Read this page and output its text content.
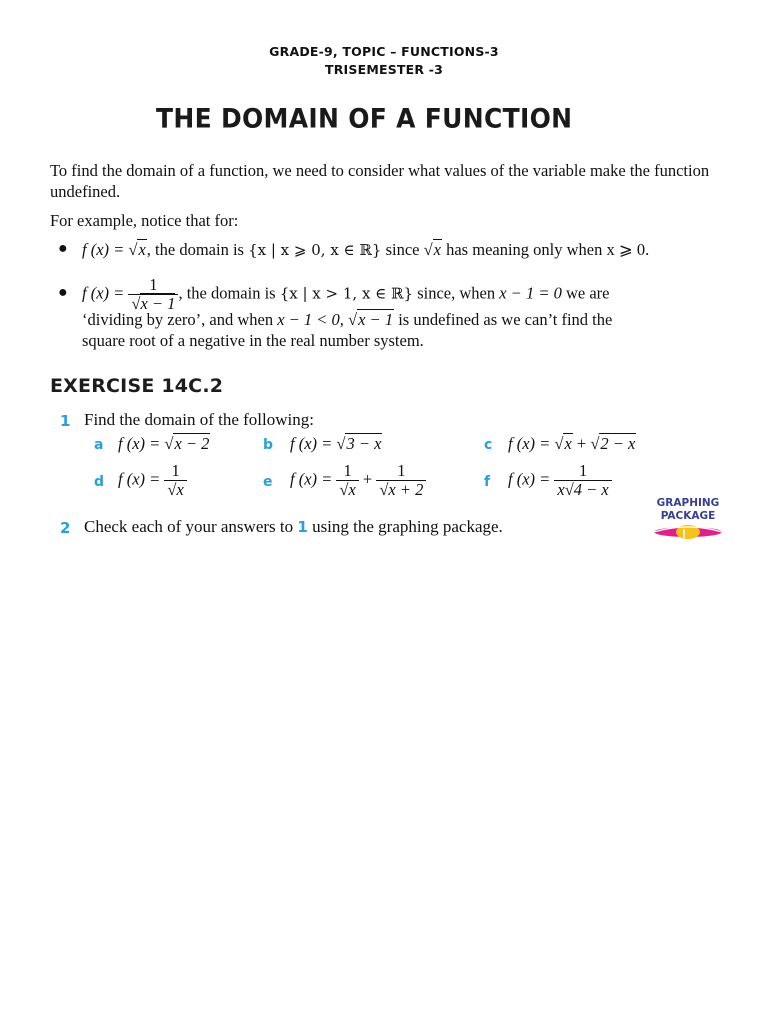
GRADE-9, TOPIC – FUNCTIONS-3
TRISEMESTER -3
THE DOMAIN OF A FUNCTION
To find the domain of a function, we need to consider what values of the variable make the function undefined.
For example, notice that for:
● f (x) = √x, the domain is {x | x ⩾ 0, x ∈ ℝ} since √x has meaning only when x ⩾ 0.
● f $(x) = \frac{1}{√x - 1}$ , the domain is {x | x > 1, x ∈ ℝ} since, when x − 1 = 0 we are
‘dividing by zero’, and when x − 1 < 0, √x − 1 is undefined as we can’t find the
square root of a negative in the real number system.
EXERCISE 14C.2
1 Find the domain of the following:
a f (x) = √x − 2	b f (x) = √3 − x	c f (x) = √x + √2 − x
d f $(x) = \frac{1}{√x}$	e f $(x) = \frac{1}{√x} + \frac{1}{√x + 2}$	f f $(x) = \frac{1}{x√4 - x}$
GRAPHING
PACKAGE
2 Check each of your answers to 1 using the graphing package.
